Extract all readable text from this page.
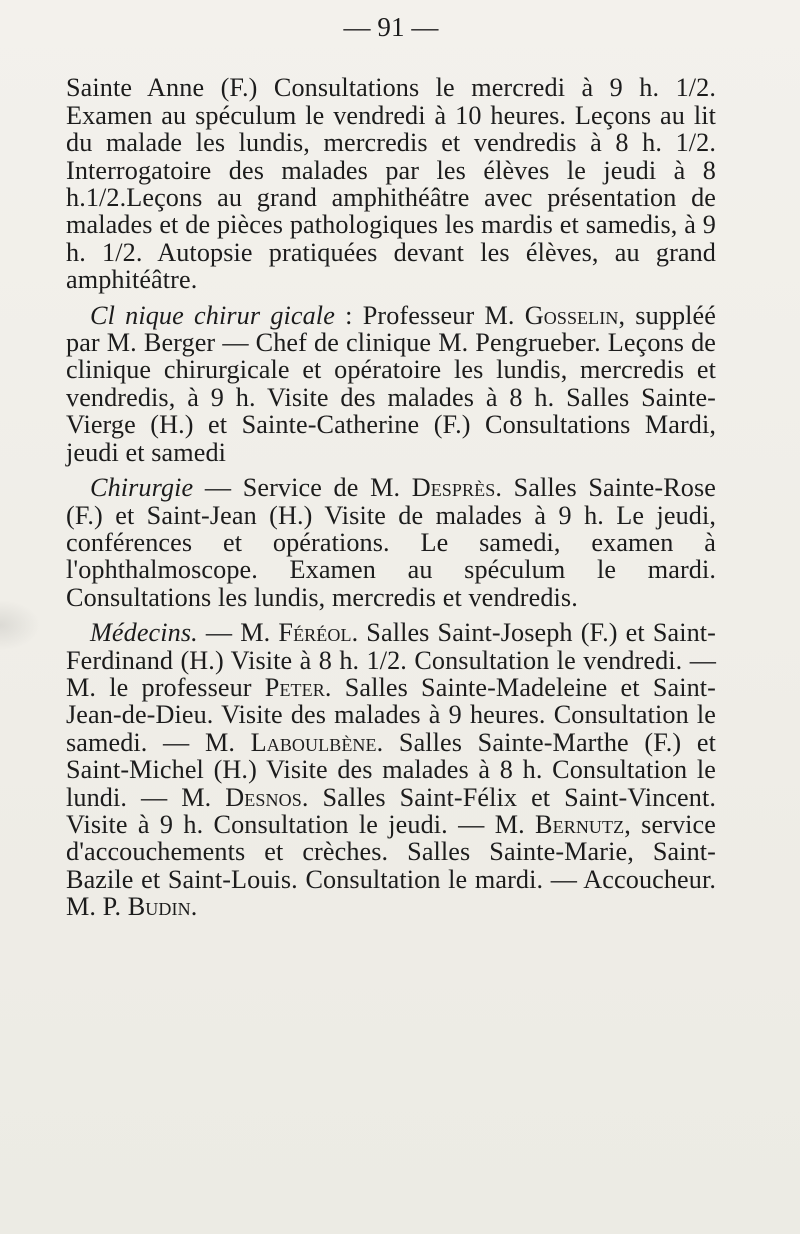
— 91 —

Sainte Anne (F.) Consultations le mercredi à 9 h. 1/2. Examen au spéculum le vendredi à 10 heures. Leçons au lit du malade les lundis, mercredis et vendredis à 8 h. 1/2. Interrogatoire des malades par les élèves le jeudi à 8 h.1/2.Leçons au grand amphithéâtre avec présentation de malades et de pièces pathologiques les mardis et samedis, à 9 h. 1/2. Autopsie pratiquées devant les élèves, au grand amphitéâtre.

Cl nique chirur gicale : Professeur M. Gosselin, suppléé par M. Berger — Chef de clinique M. Pengrueber. Leçons de clinique chirurgicale et opératoire les lundis, mercredis et vendredis, à 9 h. Visite des malades à 8 h. Salles Sainte-Vierge (H.) et Sainte-Catherine (F.) Consultations Mardi, jeudi et samedi

Chirurgie — Service de M. Desprès. Salles Sainte-Rose (F.) et Saint-Jean (H.) Visite de malades à 9 h. Le jeudi, conférences et opérations. Le samedi, examen à l'ophthalmoscope. Examen au spéculum le mardi. Consultations les lundis, mercredis et vendredis.

Médecins. — M. Féréol. Salles Saint-Joseph (F.) et Saint-Ferdinand (H.) Visite à 8 h. 1/2. Consultation le vendredi. — M. le professeur Peter. Salles Sainte-Madeleine et Saint-Jean-de-Dieu. Visite des malades à 9 heures. Consultation le samedi. — M. Laboulbène. Salles Sainte-Marthe (F.) et Saint-Michel (H.) Visite des malades à 8 h. Consultation le lundi. — M. Desnos. Salles Saint-Félix et Saint-Vincent. Visite à 9 h. Consultation le jeudi. — M. Bernutz, service d'accouchements et crèches. Salles Sainte-Marie, Saint-Bazile et Saint-Louis. Consultation le mardi. — Accoucheur. M. P. Budin.
